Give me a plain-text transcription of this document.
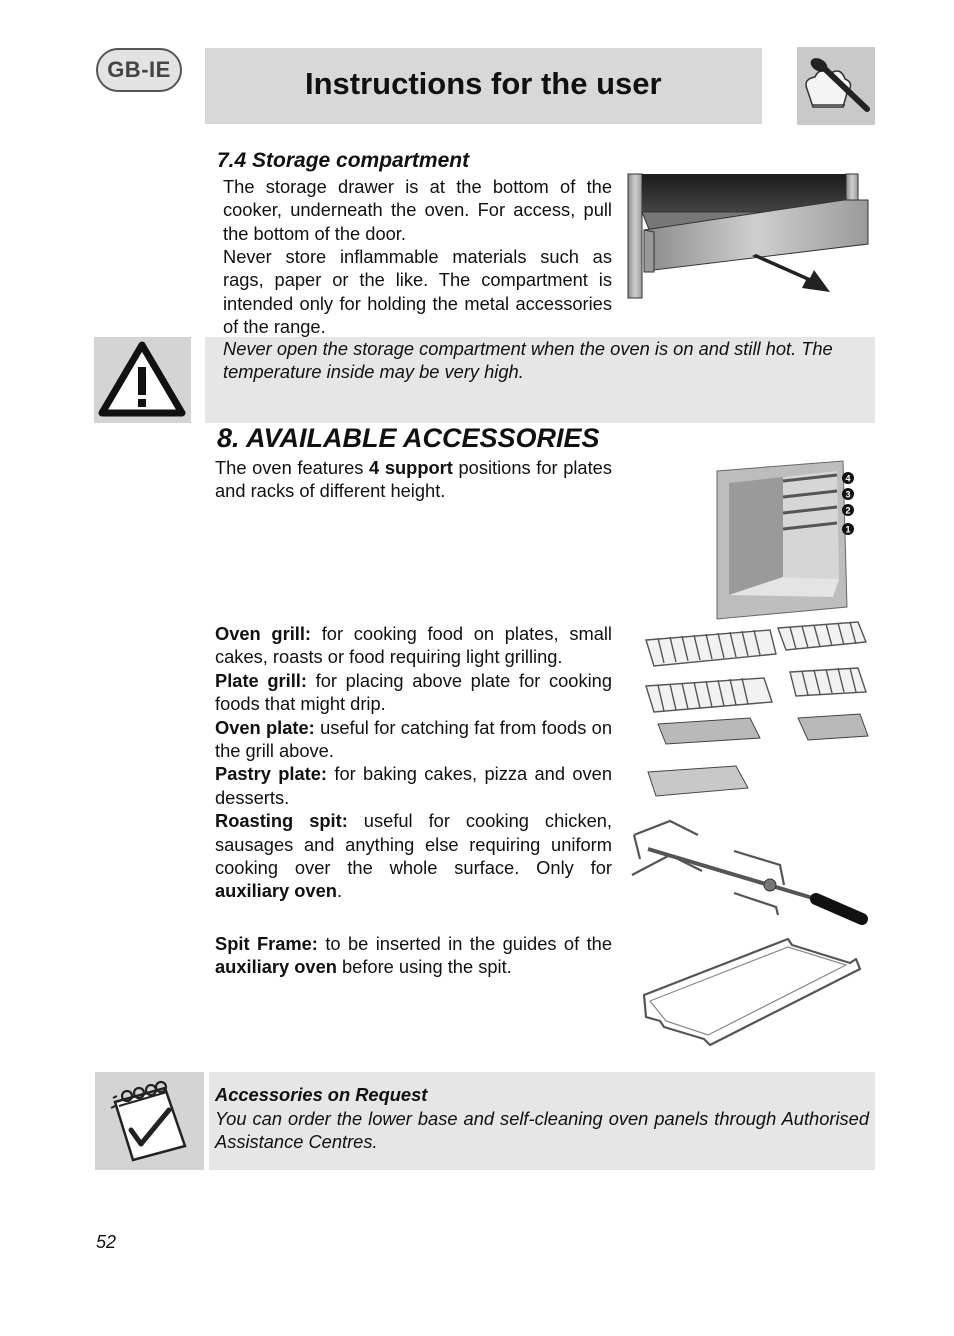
GB-IE	Instructions for the user
7.4 Storage compartment
The storage drawer is at the bottom of the cooker, underneath the oven. For access, pull the bottom of the door.
Never store inflammable materials such as rags, paper or the like. The compartment is intended only for holding the metal accessories of the range.
Never open the storage compartment when the oven is on and still hot. The temperature inside may be very high.
8. AVAILABLE ACCESSORIES
The oven features 4 support positions for plates and racks of different height.
4
3
2
1
Oven grill: for cooking food on plates, small cakes, roasts or food requiring light grilling.
Plate grill: for placing above plate for cooking foods that might drip.
Oven plate: useful for catching fat from foods on the grill above.
Pastry plate: for baking cakes, pizza and oven desserts.
Roasting spit: useful for cooking chicken, sausages and anything else requiring uniform cooking over the whole surface. Only for auxiliary oven.
Spit Frame: to be inserted in the guides of the auxiliary oven before using the spit.
Accessories on Request
You can order the lower base and self-cleaning oven panels through Authorised Assistance Centres.
52
